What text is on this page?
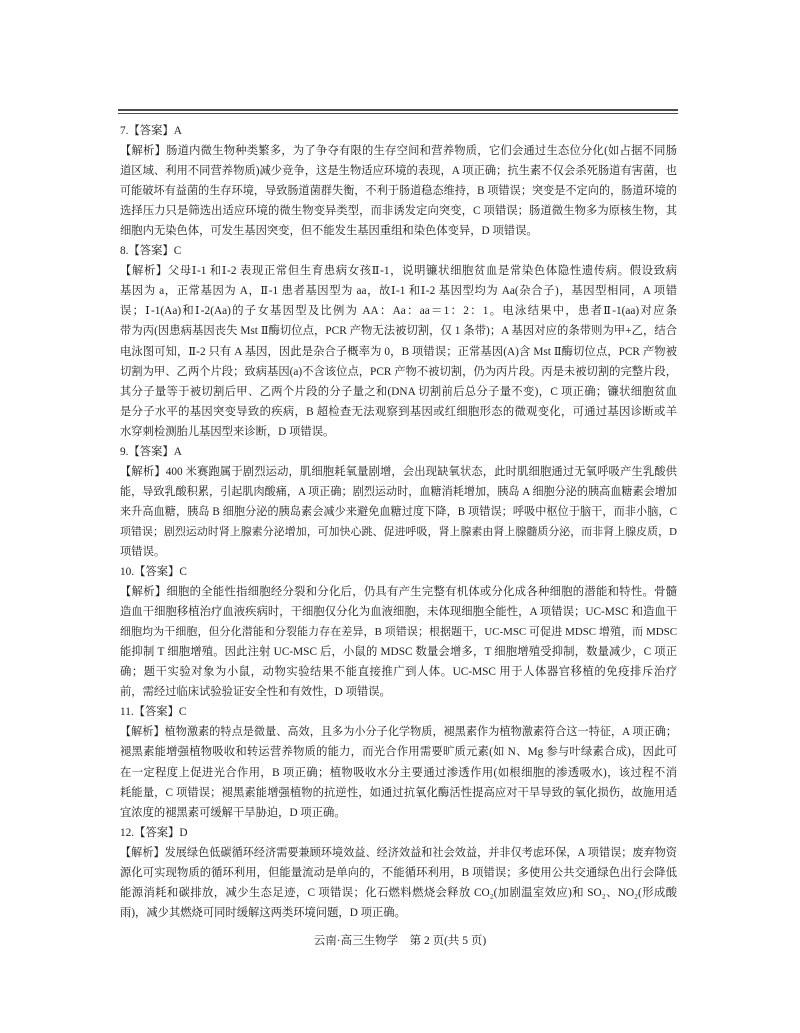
7.【答案】A
【解析】肠道内微生物种类繁多，为了争夺有限的生存空间和营养物质，它们会通过生态位分化(如占据不同肠
道区域、利用不同营养物质)减少竞争，这是生物适应环境的表现，A 项正确；抗生素不仅会杀死肠道有害菌，也
可能破坏有益菌的生存环境，导致肠道菌群失衡，不利于肠道稳态维持，B 项错误；突变是不定向的，肠道环境的
选择压力只是筛选出适应环境的微生物变异类型，而非诱发定向突变，C 项错误；肠道微生物多为原核生物，其
细胞内无染色体，可发生基因突变，但不能发生基因重组和染色体变异，D 项错误。
8.【答案】C
【解析】父母Ⅰ-1 和Ⅰ-2 表现正常但生育患病女孩Ⅱ-1，说明镰状细胞贫血是常染色体隐性遗传病。假设致病
基因为 a，正常基因为 A，Ⅱ-1 患者基因型为 aa，故Ⅰ-1 和Ⅰ-2 基因型均为 Aa(杂合子)，基因型相同，A 项错
误；Ⅰ-1(Aa)和Ⅰ-2(Aa)的子女基因型及比例为 AA：Aa：aa＝1：2：1。电泳结果中，患者Ⅱ-1(aa)对应条
带为丙(因患病基因丧失 Mst Ⅱ酶切位点，PCR 产物无法被切割，仅 1 条带)；A 基因对应的条带则为甲+乙，结合
电泳图可知，Ⅱ-2 只有 A 基因，因此是杂合子概率为 0，B 项错误；正常基因(A)含 Mst Ⅱ酶切位点，PCR 产物被
切割为甲、乙两个片段；致病基因(a)不含该位点，PCR 产物不被切割，仍为丙片段。丙是未被切割的完整片段，
其分子量等于被切割后甲、乙两个片段的分子量之和(DNA 切割前后总分子量不变)，C 项正确；镰状细胞贫血
是分子水平的基因突变导致的疾病，B 超检查无法观察到基因或红细胞形态的微观变化，可通过基因诊断或羊
水穿刺检测胎儿基因型来诊断，D 项错误。
9.【答案】A
【解析】400 米赛跑属于剧烈运动，肌细胞耗氧量剧增，会出现缺氧状态，此时肌细胞通过无氧呼吸产生乳酸供
能，导致乳酸积累，引起肌肉酸痛，A 项正确；剧烈运动时，血糖消耗增加，胰岛 A 细胞分泌的胰高血糖素会增加
来升高血糖，胰岛 B 细胞分泌的胰岛素会减少来避免血糖过度下降，B 项错误；呼吸中枢位于脑干，而非小脑，C
项错误；剧烈运动时肾上腺素分泌增加，可加快心跳、促进呼吸，肾上腺素由肾上腺髓质分泌，而非肾上腺皮质，D
项错误。
10.【答案】C
【解析】细胞的全能性指细胞经分裂和分化后，仍具有产生完整有机体或分化成各种细胞的潜能和特性。骨髓
造血干细胞移植治疗血液疾病时，干细胞仅分化为血液细胞，未体现细胞全能性，A 项错误；UC-MSC 和造血干
细胞均为干细胞，但分化潜能和分裂能力存在差异，B 项错误；根据题干，UC-MSC 可促进 MDSC 增殖，而 MDSC
能抑制 T 细胞增殖。因此注射 UC-MSC 后，小鼠的 MDSC 数量会增多，T 细胞增殖受抑制，数量减少，C 项正
确；题干实验对象为小鼠，动物实验结果不能直接推广到人体。UC-MSC 用于人体器官移植的免疫排斥治疗
前，需经过临床试验验证安全性和有效性，D 项错误。
11.【答案】C
【解析】植物激素的特点是微量、高效，且多为小分子化学物质，褪黑素作为植物激素符合这一特征，A 项正确；
褪黑素能增强植物吸收和转运营养物质的能力，而光合作用需要旷质元素(如 N、Mg 参与叶绿素合成)，因此可
在一定程度上促进光合作用，B 项正确；植物吸收水分主要通过渗透作用(如根细胞的渗透吸水)，该过程不消
耗能量，C 项错误；褪黑素能增强植物的抗逆性，如通过抗氧化酶活性提高应对干旱导致的氧化损伤，故施用适
宜浓度的褪黑素可缓解干旱胁迫，D 项正确。
12.【答案】D
【解析】发展绿色低碳循环经济需要兼顾环境效益、经济效益和社会效益，并非仅考虑环保，A 项错误；废弃物资
源化可实现物质的循环利用，但能量流动是单向的，不能循环利用，B 项错误；多使用公共交通绿色出行会降低
能源消耗和碳排放，减少生态足迹，C 项错误；化石燃料燃烧会释放 CO₂(加剧温室效应)和 SO₂、NO₂(形成酸
雨)，减少其燃烧可同时缓解这两类环境问题，D 项正确。
云南·高三生物学　第 2 页(共 5 页)
